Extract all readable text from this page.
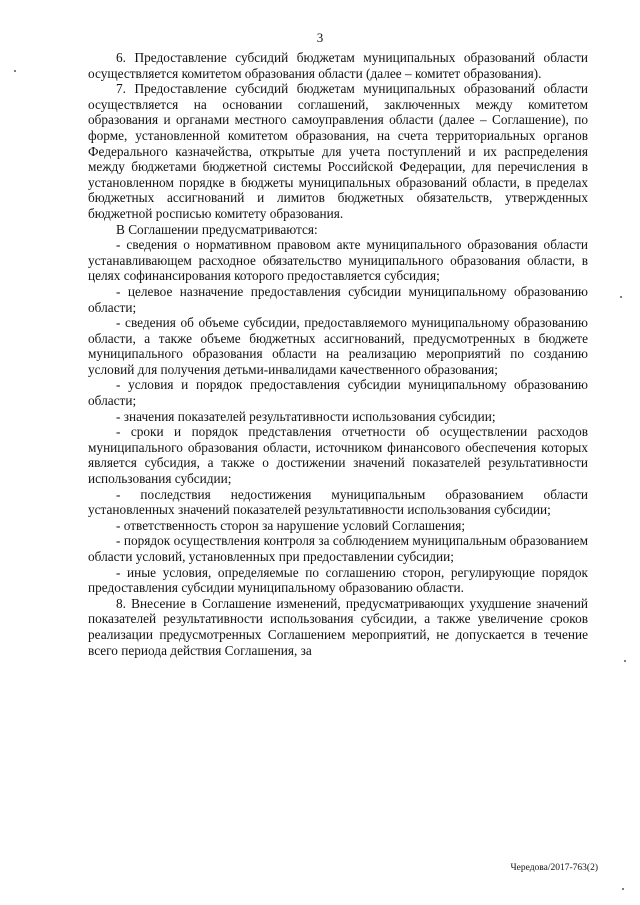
3

6. Предоставление субсидий бюджетам муниципальных образований области осуществляется комитетом образования области (далее – комитет образования).

7. Предоставление субсидий бюджетам муниципальных образований области осуществляется на основании соглашений, заключенных между комитетом образования и органами местного самоуправления области (далее – Соглашение), по форме, установленной комитетом образования, на счета территориальных органов Федерального казначейства, открытые для учета поступлений и их распределения между бюджетами бюджетной системы Российской Федерации, для перечисления в установленном порядке в бюджеты муниципальных образований области, в пределах бюджетных ассигнований и лимитов бюджетных обязательств, утвержденных бюджетной росписью комитету образования.

В Соглашении предусматриваются:

- сведения о нормативном правовом акте муниципального образования области устанавливающем расходное обязательство муниципального образования области, в целях софинансирования которого предоставляется субсидия;

- целевое назначение предоставления субсидии муниципальному образованию области;

- сведения об объеме субсидии, предоставляемого муниципальному образованию области, а также объеме бюджетных ассигнований, предусмотренных в бюджете муниципального образования области на реализацию мероприятий по созданию условий для получения детьми-инвалидами качественного образования;

- условия и порядок предоставления субсидии муниципальному образованию области;

- значения показателей результативности использования субсидии;

- сроки и порядок представления отчетности об осуществлении расходов муниципального образования области, источником финансового обеспечения которых является субсидия, а также о достижении значений показателей результативности использования субсидии;

- последствия недостижения муниципальным образованием области установленных значений показателей результативности использования субсидии;

- ответственность сторон за нарушение условий Соглашения;

- порядок осуществления контроля за соблюдением муниципальным образованием области условий, установленных при предоставлении субсидии;

- иные условия, определяемые по соглашению сторон, регулирующие порядок предоставления субсидии муниципальному образованию области.

8. Внесение в Соглашение изменений, предусматривающих ухудшение значений показателей результативности использования субсидии, а также увеличение сроков реализации предусмотренных Соглашением мероприятий, не допускается в течение всего периода действия Соглашения, за

Чередова/2017-763(2)
